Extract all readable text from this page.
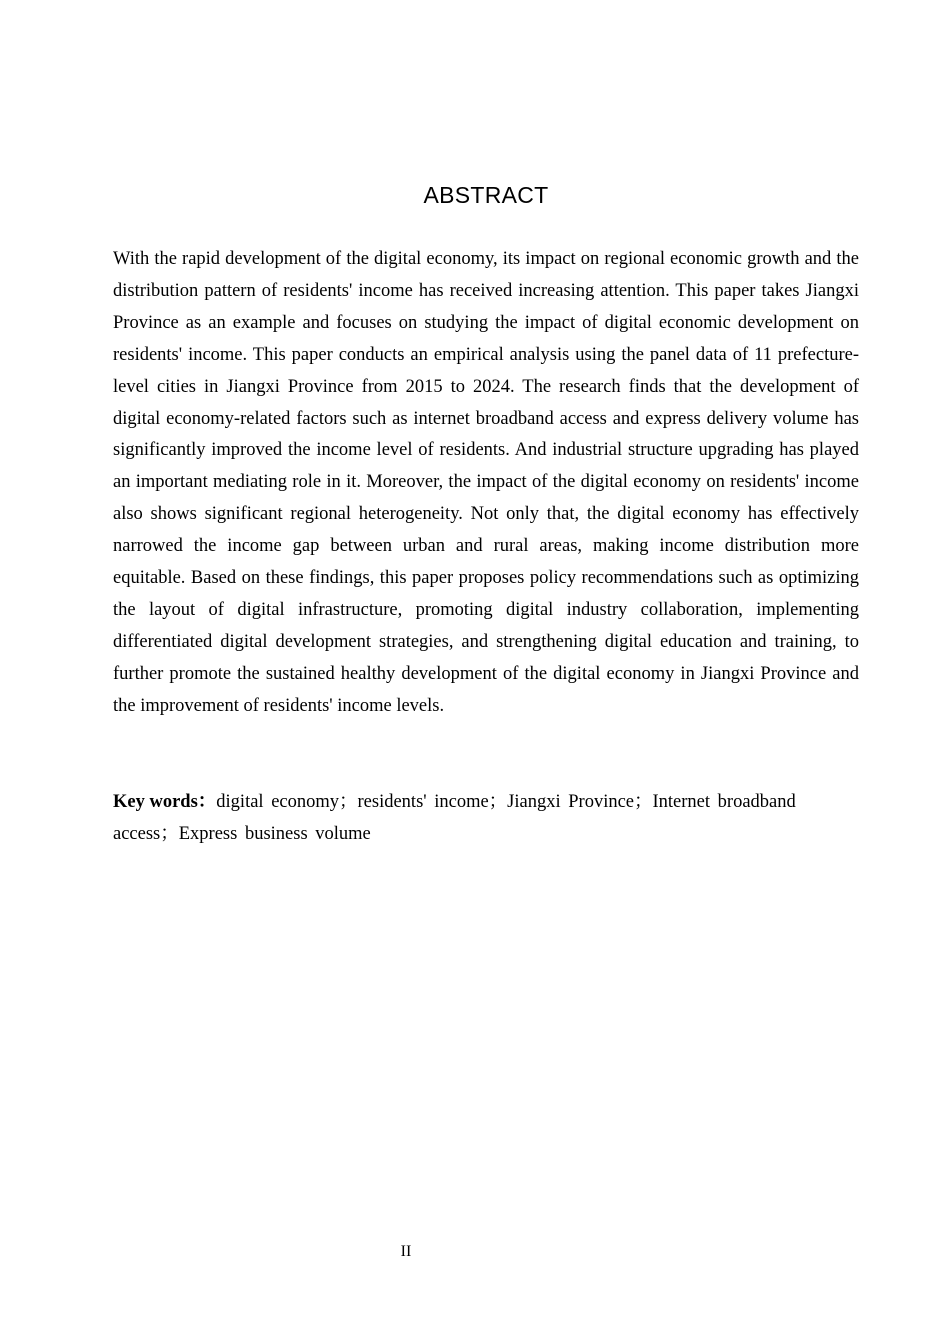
ABSTRACT

With the rapid development of the digital economy, its impact on regional economic growth and the distribution pattern of residents' income has received increasing attention. This paper takes Jiangxi Province as an example and focuses on studying the impact of digital economic development on residents' income. This paper conducts an empirical analysis using the panel data of 11 prefecture-level cities in Jiangxi Province from 2015 to 2024. The research finds that the development of digital economy-related factors such as internet broadband access and express delivery volume has significantly improved the income level of residents. And industrial structure upgrading has played an important mediating role in it. Moreover, the impact of the digital economy on residents' income also shows significant regional heterogeneity. Not only that, the digital economy has effectively narrowed the income gap between urban and rural areas, making income distribution more equitable. Based on these findings, this paper proposes policy recommendations such as optimizing the layout of digital infrastructure, promoting digital industry collaboration, implementing differentiated digital development strategies, and strengthening digital education and training, to further promote the sustained healthy development of the digital economy in Jiangxi Province and the improvement of residents' income levels.

Key words：digital economy；residents' income；Jiangxi Province；Internet broadband access；Express business volume

II
